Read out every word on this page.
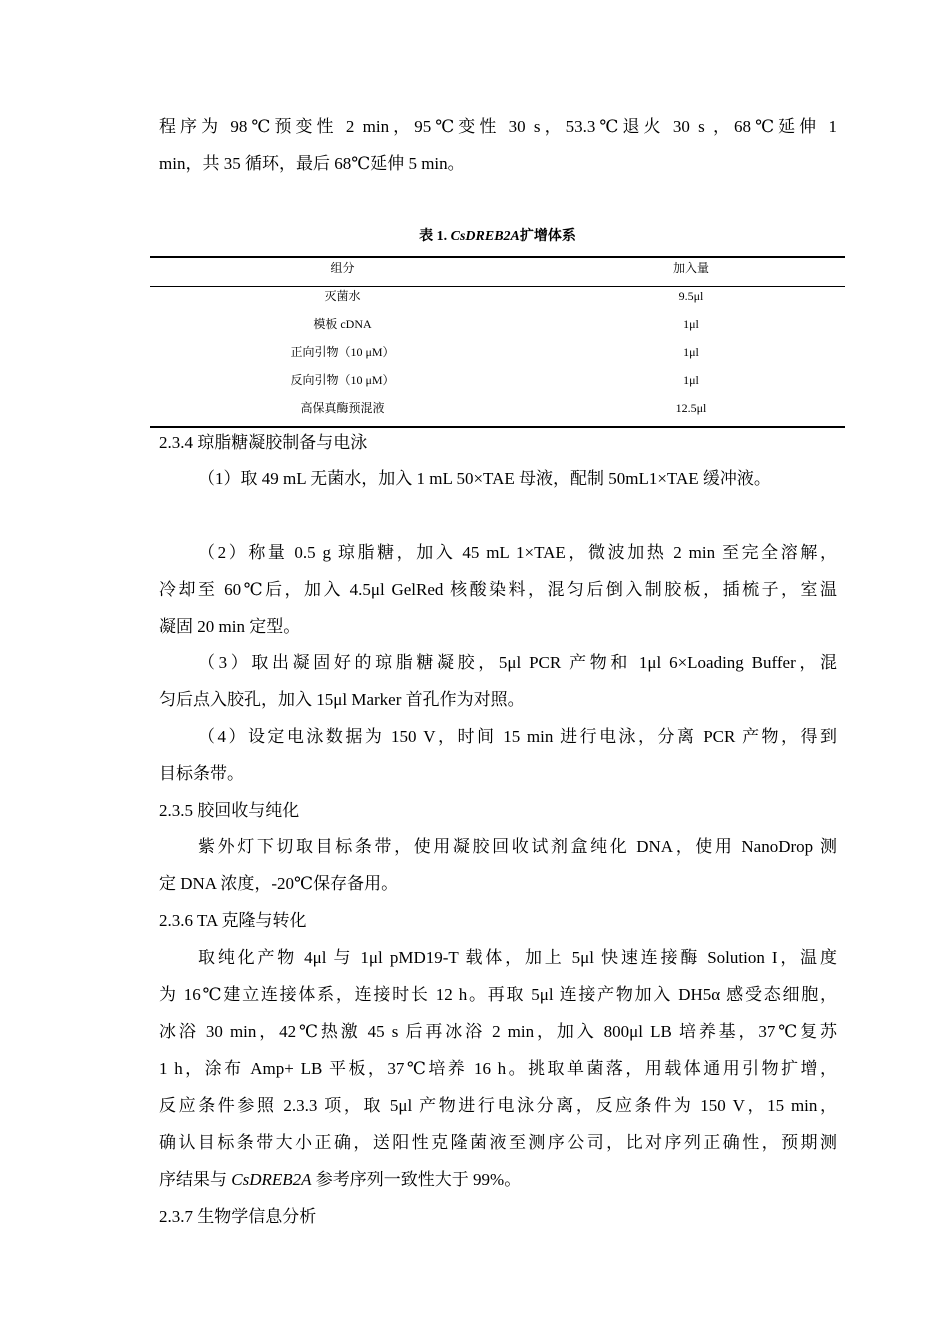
程序为 98℃预变性 2 min，95℃变性 30 s，53.3℃退火 30 s ，68℃延伸 1
min，共 35 循环，最后 68℃延伸 5 min。
表 1. CsDREB2A扩增体系
组分	加入量
灭菌水	9.5μl
模板 cDNA	1μl
正向引物（10 μM）	1μl
反向引物（10 μM）	1μl
高保真酶预混液	12.5μl
2.3.4 琼脂糖凝胶制备与电泳
（1）取 49 mL 无菌水，加入 1 mL 50×TAE 母液，配制 50mL1×TAE 缓冲液。
（2）称量 0.5 g 琼脂糖，加入 45 mL 1×TAE，微波加热 2 min 至完全溶解，
冷却至 60℃后，加入 4.5μl GelRed 核酸染料，混匀后倒入制胶板，插梳子，室温
凝固 20 min 定型。
（3）取出凝固好的琼脂糖凝胶，5μl PCR 产物和 1μl 6×Loading Buffer，混
匀后点入胶孔，加入 15μl Marker 首孔作为对照。
（4）设定电泳数据为 150 V，时间 15 min 进行电泳，分离 PCR 产物，得到
目标条带。
2.3.5 胶回收与纯化
紫外灯下切取目标条带，使用凝胶回收试剂盒纯化 DNA，使用 NanoDrop 测
定 DNA 浓度，-20℃保存备用。
2.3.6 TA 克隆与转化
取纯化产物 4μl 与 1μl pMD19-T 载体，加上 5μl 快速连接酶 Solution I，温度
为 16℃建立连接体系，连接时长 12 h。再取 5μl 连接产物加入 DH5α 感受态细胞，
冰浴 30 min，42℃热激 45 s 后再冰浴 2 min，加入 800μl LB 培养基，37℃复苏
1 h，涂布 Amp+ LB 平板，37℃培养 16 h。挑取单菌落，用载体通用引物扩增，
反应条件参照 2.3.3 项，取 5μl 产物进行电泳分离，反应条件为 150 V，15 min，
确认目标条带大小正确，送阳性克隆菌液至测序公司，比对序列正确性，预期测
序结果与 CsDREB2A 参考序列一致性大于 99%。
2.3.7 生物学信息分析
